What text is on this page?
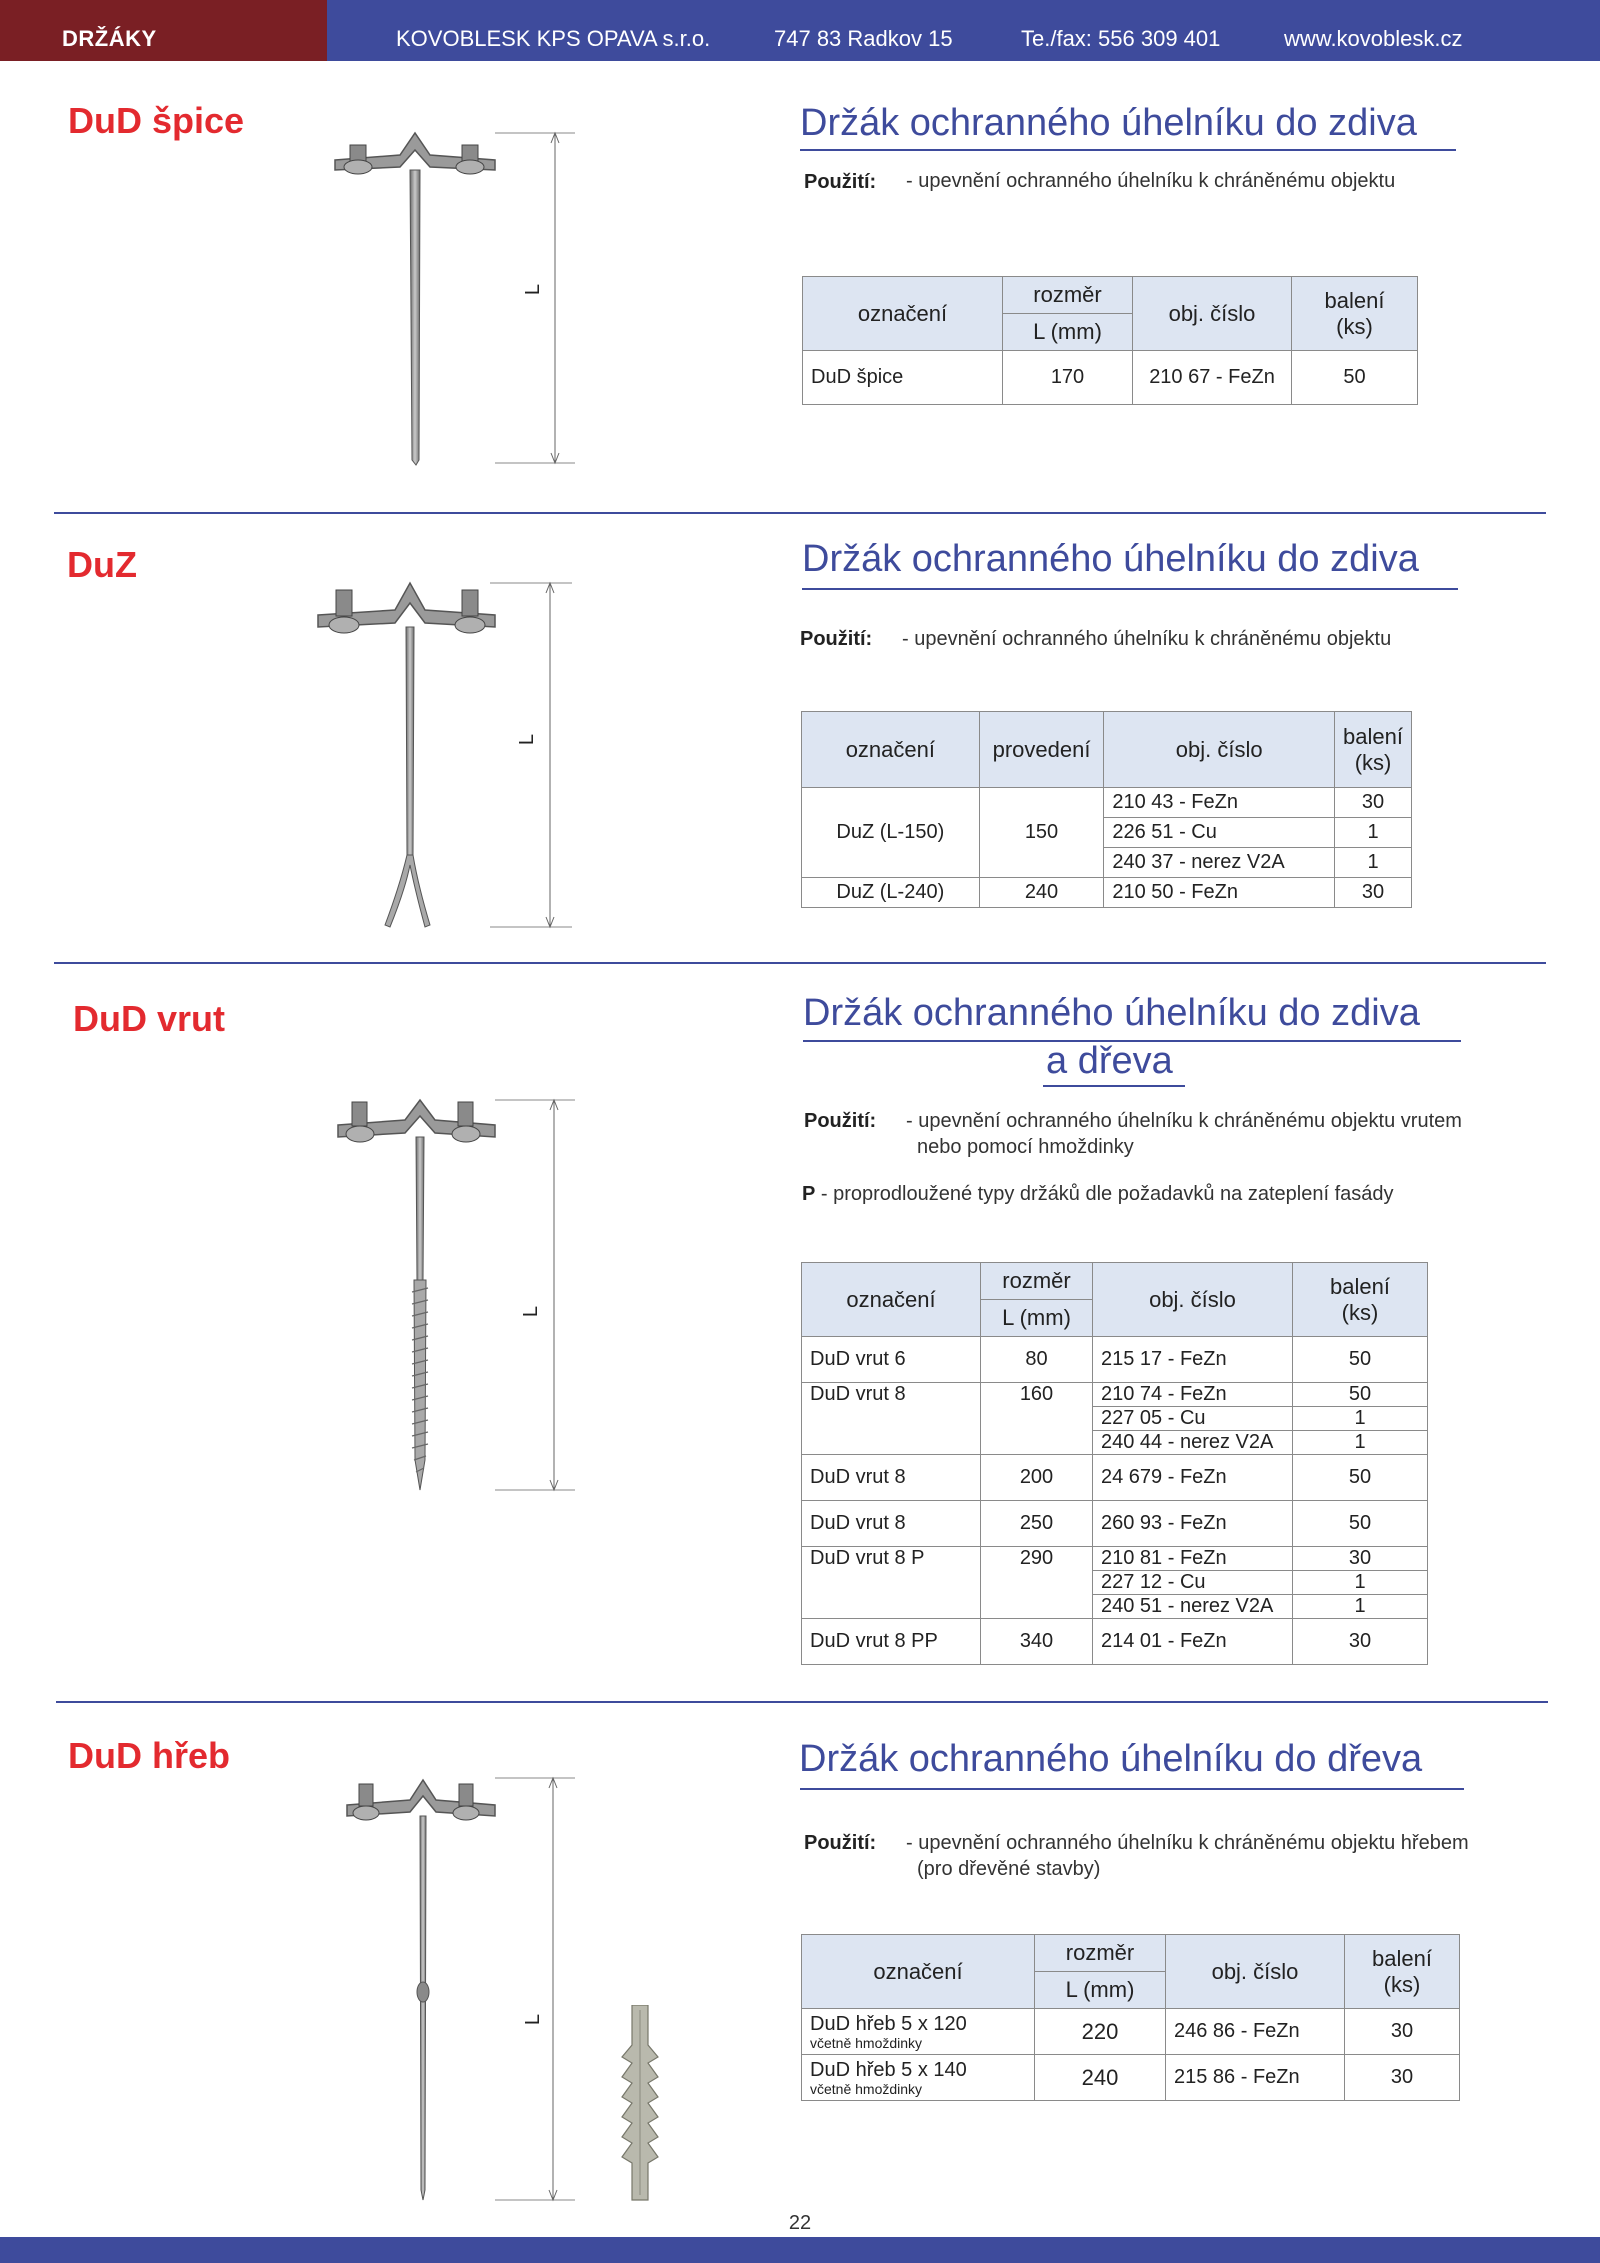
DRŽÁKY	KOVOBLESK KPS OPAVA s.r.o.	747 83 Radkov 15	Te./fax: 556 309 401	www.kovoblesk.cz
DuD špice
L
Držák ochranného úhelníku do zdiva
Použití: - upevnění ochranného úhelníku k chráněnému objektu
označení	rozměr	obj. číslo	balení
(ks)
	L (mm)		
DuD špice	170	210 67 - FeZn	50
DuZ
L
Držák ochranného úhelníku do zdiva
Použití: - upevnění ochranného úhelníku k chráněnému objektu
označení	provedení	obj. číslo	balení
(ks)
DuZ (L-150)	150	210 43 - FeZn	30
		226 51 - Cu	1
		240 37 - nerez V2A	1
DuZ (L-240)	240	210 50 - FeZn	30
DuD vrut
L
Držák ochranného úhelníku do zdiva
a dřeva
Použití: - upevnění ochranného úhelníku k chráněnému objektu vrutem
nebo pomocí hmoždinky
P - proprodloužené typy držáků dle požadavků na zateplení fasády
označení	rozměr	obj. číslo	balení
(ks)
	L (mm)		
DuD vrut 6	80	215 17 - FeZn	50
DuD vrut 8	160	210 74 - FeZn	50
		227 05 - Cu	1
		240 44 - nerez V2A	1
DuD vrut 8	200	24 679 - FeZn	50
DuD vrut 8	250	260 93 - FeZn	50
DuD vrut 8 P	290	210 81 - FeZn	30
		227 12 - Cu	1
		240 51 - nerez V2A	1
DuD vrut 8 PP	340	214 01 - FeZn	30
DuD hřeb
L
Držák ochranného úhelníku do dřeva
Použití: - upevnění ochranného úhelníku k chráněnému objektu hřebem
(pro dřevěné stavby)
označení	rozměr	obj. číslo	balení
(ks)
	L (mm)		
DuD hřeb 5 x 120
včetně hmoždinky	220	246 86 - FeZn	30
DuD hřeb 5 x 140
včetně hmoždinky	240	215 86 - FeZn	30
22
